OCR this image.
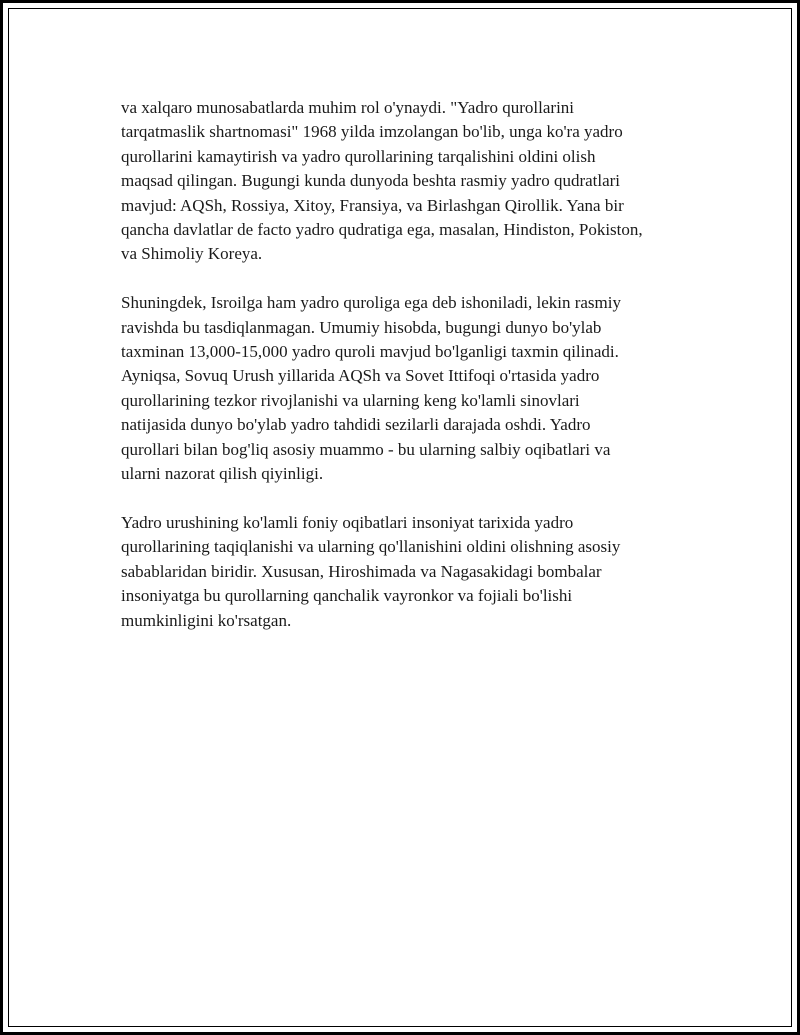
va xalqaro munosabatlarda muhim rol o'ynaydi. "Yadro qurollarini
tarqatmaslik shartnomasi" 1968 yilda imzolangan bo'lib, unga ko'ra yadro
qurollarini kamaytirish va yadro qurollarining tarqalishini oldini olish
maqsad qilingan. Bugungi kunda dunyoda beshta rasmiy yadro qudratlari
mavjud: AQSh, Rossiya, Xitoy, Fransiya, va Birlashgan Qirollik. Yana bir
qancha davlatlar de facto yadro qudratiga ega, masalan, Hindiston, Pokiston,
va Shimoliy Koreya.

Shuningdek, Isroilga ham yadro quroliga ega deb ishoniladi, lekin rasmiy
ravishda bu tasdiqlanmagan. Umumiy hisobda, bugungi dunyo bo'ylab
taxminan 13,000-15,000 yadro quroli mavjud bo'lganligi taxmin qilinadi.
Ayniqsa, Sovuq Urush yillarida AQSh va Sovet Ittifoqi o'rtasida yadro
qurollarining tezkor rivojlanishi va ularning keng ko'lamli sinovlari
natijasida dunyo bo'ylab yadro tahdidi sezilarli darajada oshdi. Yadro
qurollari bilan bog'liq asosiy muammo - bu ularning salbiy oqibatlari va
ularni nazorat qilish qiyinligi.

Yadro urushining ko'lamli foniy oqibatlari insoniyat tarixida yadro
qurollarining taqiqlanishi va ularning qo'llanishini oldini olishning asosiy
sabablaridan biridir. Xususan, Hiroshimada va Nagasakidagi bombalar
insoniyatga bu qurollarning qanchalik vayronkor va fojiali bo'lishi
mumkinligini ko'rsatgan.
